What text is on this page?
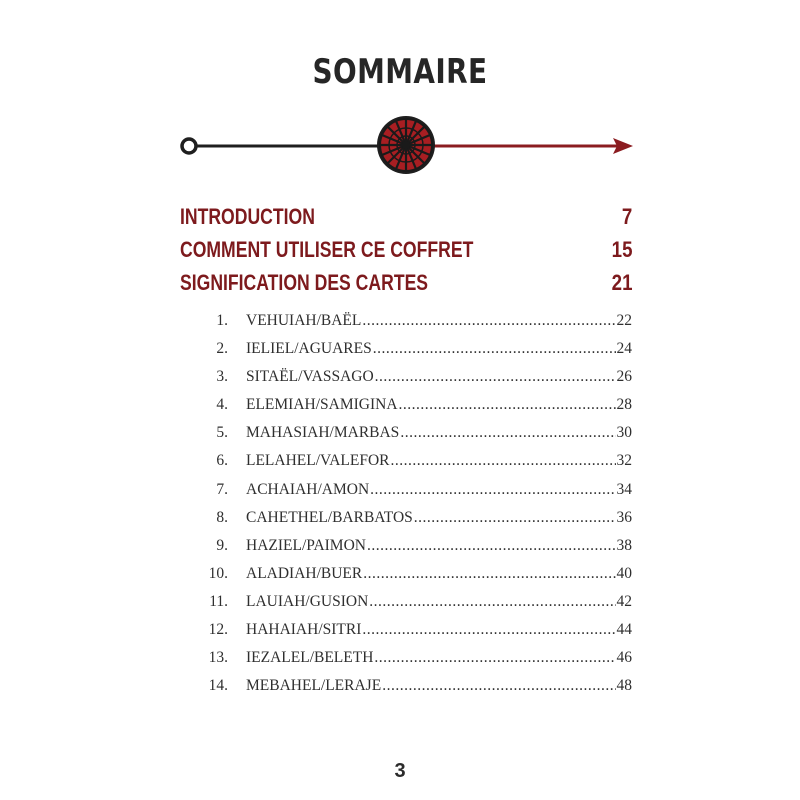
SOMMAIRE
INTRODUCTION	7
COMMENT UTILISER CE COFFRET	15
SIGNIFICATION DES CARTES	21
1. VEHUIAH/BAËL .....	22
2. IELIEL/AGUARES .....	24
3. SITAËL/VASSAGO .....	26
4. ELEMIAH/SAMIGINA .....	28
5. MAHASIAH/MARBAS .....	30
6. LELAHEL/VALEFOR .....	32
7. ACHAIAH/AMON .....	34
8. CAHETHEL/BARBATOS .....	36
9. HAZIEL/PAIMON .....	38
10. ALADIAH/BUER .....	40
11. LAUIAH/GUSION .....	42
12. HAHAIAH/SITRI .....	44
13. IEZALEL/BELETH .....	46
14. MEBAHEL/LERAJE .....	48
3
